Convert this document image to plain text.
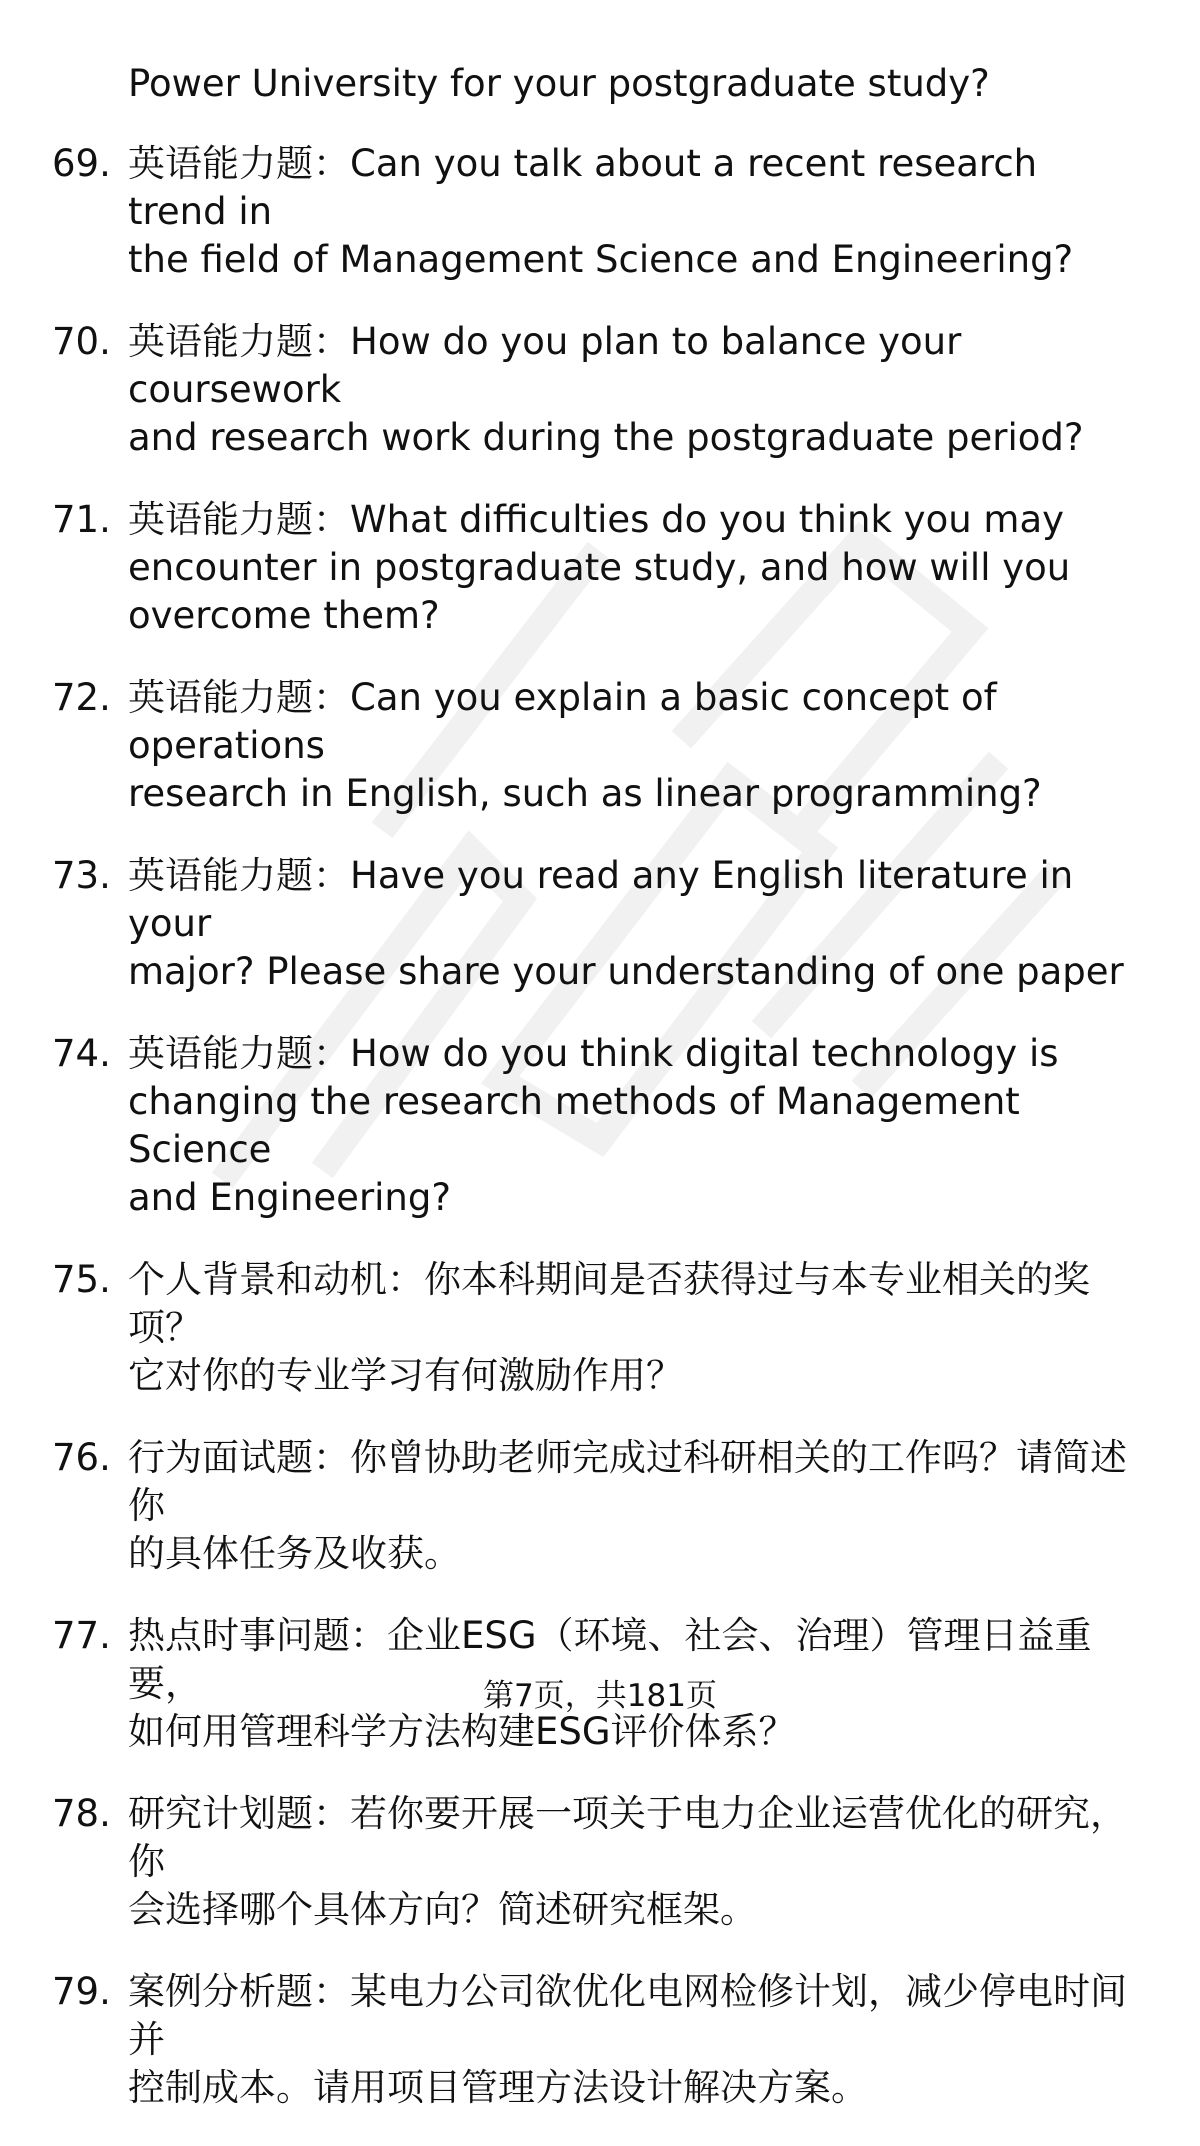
Power University for your postgraduate study?
69. 英语能力题：Can you talk about a recent research trend in
the field of Management Science and Engineering?
70. 英语能力题：How do you plan to balance your coursework
and research work during the postgraduate period?
71. 英语能力题：What difficulties do you think you may
encounter in postgraduate study, and how will you
overcome them?
72. 英语能力题：Can you explain a basic concept of operations
research in English, such as linear programming?
73. 英语能力题：Have you read any English literature in your
major? Please share your understanding of one paper
74. 英语能力题：How do you think digital technology is
changing the research methods of Management Science
and Engineering?
75. 个人背景和动机：你本科期间是否获得过与本专业相关的奖项？
它对你的专业学习有何激励作用？
76. 行为面试题：你曾协助老师完成过科研相关的工作吗？请简述你
的具体任务及收获。
77. 热点时事问题：企业ESG（环境、社会、治理）管理日益重要，
如何用管理科学方法构建ESG评价体系？
78. 研究计划题：若你要开展一项关于电力企业运营优化的研究，你
会选择哪个具体方向？简述研究框架。
79. 案例分析题：某电力公司欲优化电网检修计划，减少停电时间并
控制成本。请用项目管理方法设计解决方案。
第7页，共181页
